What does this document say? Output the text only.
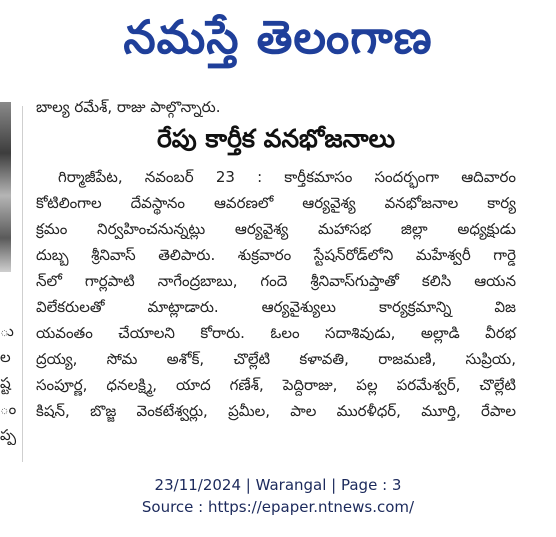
నమస్తే తెలంగాణ
ు
ల
ష్ట
ం
ప్ప
బాల్య రమేశ్, రాజు పాల్గొన్నారు.
రేపు కార్తీక వనభోజనాలు
గిర్మాజీపేట, నవంబర్ 23 : కార్తీకమాసం సందర్భంగా ఆదివారం
కోటిలింగాల దేవస్థానం ఆవరణలో ఆర్యవైశ్య వనభోజనాల కార్య
క్రమం నిర్వహించనున్నట్లు ఆర్యవైశ్య మహాసభ జిల్లా అధ్యక్షుడు
దుబ్బ శ్రీనివాస్ తెలిపారు. శుక్రవారం స్టేషన్‌రోడ్‌లోని మహేశ్వరీ గార్డె
న్‌లో గార్లపాటి నాగేంద్రబాబు, గందె శ్రీనివాస్‌గుప్తాతో కలిసి ఆయన
విలేకరులతో మాట్లాడారు. ఆర్యవైశ్యులు కార్యక్రమాన్ని విజ
యవంతం చేయాలని కోరారు. ఓలం సదాశివుడు, అల్లాడి వీరభ
ద్రయ్య, సోమ అశోక్, చొల్లేటి కళావతి, రాజమణి, సుప్రియ,
సంపూర్ణ, ధనలక్ష్మి, యాద గణేశ్, పెద్దిరాజు, పల్ల పరమేశ్వర్, చొల్లేటి
కిషన్, బొజ్జ వెంకటేశ్వర్లు, ప్రమీల, పాల మురళీధర్, మూర్తి, రేపాల
23/11/2024 | Warangal | Page : 3
Source : https://epaper.ntnews.com/
